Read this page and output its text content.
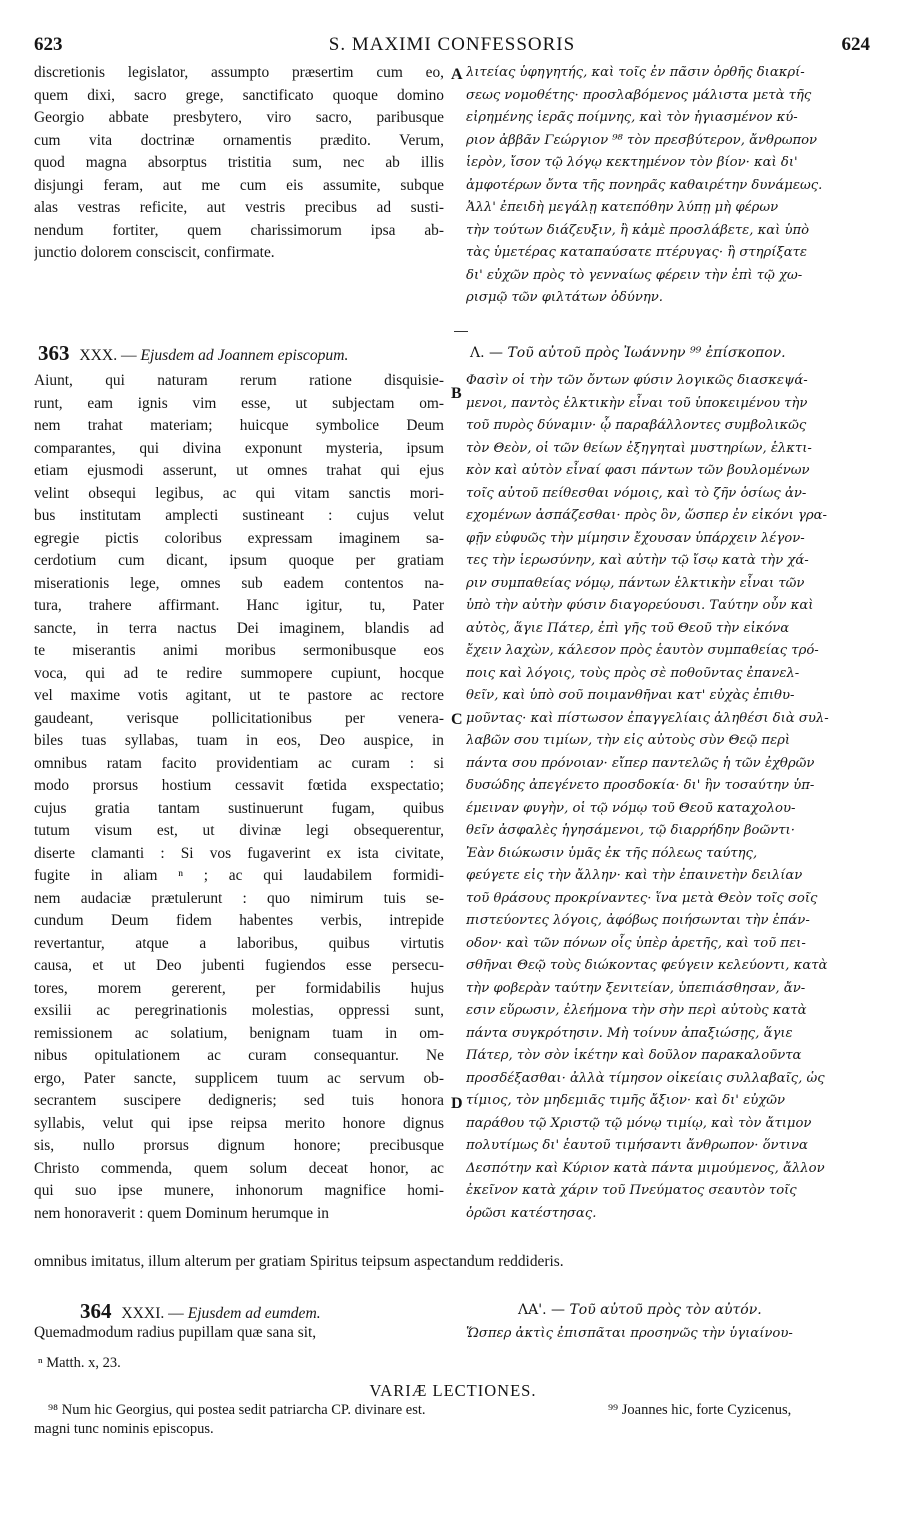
623	S. MAXIMI CONFESSORIS	624
discretionis legislator, assumpto præsertim cum eo,
quem dixi, sacro grege, sanctificato quoque domino
Georgio abbate presbytero, viro sacro, paribusque
cum vita doctrinæ ornamentis prædito. Verum,
quod magna absorptus tristitia sum, nec ab illis
disjungi feram, aut me cum eis assumite, subque
alas vestras reficite, aut vestris precibus ad susti-
nendum fortiter, quem charissimorum ipsa ab-
junctio dolorem consciscit, confirmate.
λιτείας ὑφηγητής, καὶ τοῖς ἐν πᾶσιν ὀρθῆς διακρί-
σεως νομοθέτης· προσλαβόμενος μάλιστα μετὰ τῆς
εἰρημένης ἱερᾶς ποίμνης, καὶ τὸν ἡγιασμένον κύ-
ριον ἀββᾶν Γεώργιον ⁹⁸ τὸν πρεσβύτερον, ἄνθρωπον
ἱερὸν, ἴσον τῷ λόγῳ κεκτημένον τὸν βίον· καὶ δι'
ἀμφοτέρων ὄντα τῆς πονηρᾶς καθαιρέτην δυνάμεως.
Ἀλλ' ἐπειδὴ μεγάλῃ κατεπόθην λύπῃ μὴ φέρων
τὴν τούτων διάζευξιν, ἢ κἀμὲ προσλάβετε, καὶ ὑπὸ
τὰς ὑμετέρας καταπαύσατε πτέρυγας· ἢ στηρίξατε
δι' εὐχῶν πρὸς τὸ γενναίως φέρειν τὴν ἐπὶ τῷ χω-
ρισμῷ τῶν φιλτάτων ὀδύνην.
A
B
C
D
363 XXX. — Ejusdem ad Joannem episcopum.	Λ. — Τοῦ αὐτοῦ πρὸς Ἰωάννην ⁹⁹ ἐπίσκοπον.
Aiunt, qui naturam rerum ratione disquisie-
runt, eam ignis vim esse, ut subjectam om-
nem trahat materiam; huicque symbolice Deum
comparantes, qui divina exponunt mysteria, ipsum
etiam ejusmodi asserunt, ut omnes trahat qui ejus
velint obsequi legibus, ac qui vitam sanctis mori-
bus institutam amplecti sustineant : cujus velut
egregie pictis coloribus expressam imaginem sa-
cerdotium cum dicant, ipsum quoque per gratiam
miserationis lege, omnes sub eadem contentos na-
tura, trahere affirmant. Hanc igitur, tu, Pater
sancte, in terra nactus Dei imaginem, blandis ad
te miserantis animi moribus sermonibusque eos
voca, qui ad te redire summopere cupiunt, hocque
vel maxime votis agitant, ut te pastore ac rectore
gaudeant, verisque pollicitationibus per venera-
biles tuas syllabas, tuam in eos, Deo auspice, in
omnibus ratam facito providentiam ac curam : si
modo prorsus hostium cessavit fœtida exspectatio;
cujus gratia tantam sustinuerunt fugam, quibus
tutum visum est, ut divinæ legi obsequerentur,
diserte clamanti : Si vos fugaverint ex ista civitate,
fugite in aliam ⁿ ; ac qui laudabilem formidi-
nem audaciæ prætulerunt : quo nimirum tuis se-
cundum Deum fidem habentes verbis, intrepide
revertantur, atque a laboribus, quibus virtutis
causa, et ut Deo jubenti fugiendos esse persecu-
tores, morem gererent, per formidabilis hujus
exsilii ac peregrinationis molestias, oppressi sunt,
remissionem ac solatium, benignam tuam in om-
nibus opitulationem ac curam consequantur. Ne
ergo, Pater sancte, supplicem tuum ac servum ob-
secrantem suscipere dedigneris; sed tuis honora
syllabis, velut qui ipse reipsa merito honore dignus
sis, nullo prorsus dignum honore; precibusque
Christo commenda, quem solum deceat honor, ac
qui suo ipse munere, inhonorum magnifice homi-
nem honoraverit : quem Dominum herumque in
Φασὶν οἱ τὴν τῶν ὄντων φύσιν λογικῶς διασκεψά-
μενοι, παντὸς ἑλκτικὴν εἶναι τοῦ ὑποκειμένου τὴν
τοῦ πυρὸς δύναμιν· ᾧ παραβάλλοντες συμβολικῶς
τὸν Θεὸν, οἱ τῶν θείων ἐξηγηταὶ μυστηρίων, ἑλκτι-
κὸν καὶ αὐτὸν εἶναί φασι πάντων τῶν βουλομένων
τοῖς αὐτοῦ πείθεσθαι νόμοις, καὶ τὸ ζῆν ὁσίως ἀν-
εχομένων ἀσπάζεσθαι· πρὸς ὃν, ὥσπερ ἐν εἰκόνι γρα-
φῇν εὐφυῶς τὴν μίμησιν ἔχουσαν ὑπάρχειν λέγον-
τες τὴν ἱερωσύνην, καὶ αὐτὴν τῷ ἴσῳ κατὰ τὴν χά-
ριν συμπαθείας νόμῳ, πάντων ἑλκτικὴν εἶναι τῶν
ὑπὸ τὴν αὐτὴν φύσιν διαγορεύουσι. Ταύτην οὖν καὶ
αὐτὸς, ἅγιε Πάτερ, ἐπὶ γῆς τοῦ Θεοῦ τὴν εἰκόνα
ἔχειν λαχὼν, κάλεσον πρὸς ἑαυτὸν συμπαθείας τρό-
ποις καὶ λόγοις, τοὺς πρὸς σὲ ποθοῦντας ἐπανελ-
θεῖν, καὶ ὑπὸ σοῦ ποιμανθῆναι κατ' εὐχὰς ἐπιθυ-
μοῦντας· καὶ πίστωσον ἐπαγγελίαις ἀληθέσι διὰ συλ-
λαβῶν σου τιμίων, τὴν εἰς αὐτοὺς σὺν Θεῷ περὶ
πάντα σου πρόνοιαν· εἴπερ παντελῶς ἡ τῶν ἐχθρῶν
δυσώδης ἀπεγένετο προσδοκία· δι' ἣν τοσαύτην ὑπ-
έμειναν φυγὴν, οἱ τῷ νόμῳ τοῦ Θεοῦ καταχολου-
θεῖν ἀσφαλὲς ἡγησάμενοι, τῷ διαρρήδην βοῶντι·
Ἐὰν διώκωσιν ὑμᾶς ἐκ τῆς πόλεως ταύτης,
φεύγετε εἰς τὴν ἄλλην· καὶ τὴν ἐπαινετὴν δειλίαν
τοῦ θράσους προκρίναντες· ἵνα μετὰ Θεὸν τοῖς σοῖς
πιστεύοντες λόγοις, ἀφόβως ποιήσωνται τὴν ἐπάν-
οδον· καὶ τῶν πόνων οἷς ὑπὲρ ἀρετῆς, καὶ τοῦ πει-
σθῆναι Θεῷ τοὺς διώκοντας φεύγειν κελεύοντι, κατὰ
τὴν φοβερὰν ταύτην ξενιτείαν, ὑπεπιάσθησαν, ἄν-
εσιν εὕρωσιν, ἐλεήμονα τὴν σὴν περὶ αὐτοὺς κατὰ
πάντα συγκρότησιν. Μὴ τοίνυν ἀπαξιώσῃς, ἅγιε
Πάτερ, τὸν σὸν ἱκέτην καὶ δοῦλον παρακαλοῦντα
προσδέξασθαι· ἀλλὰ τίμησον οἰκείαις συλλαβαῖς, ὡς
τίμιος, τὸν μηδεμιᾶς τιμῆς ἄξιον· καὶ δι' εὐχῶν
παράθου τῷ Χριστῷ τῷ μόνῳ τιμίῳ, καὶ τὸν ἄτιμον
πολυτίμως δι' ἑαυτοῦ τιμήσαντι ἄνθρωπον· ὅντινα
Δεσπότην καὶ Κύριον κατὰ πάντα μιμούμενος, ἄλλον
ἐκεῖνον κατὰ χάριν τοῦ Πνεύματος σεαυτὸν τοῖς
ὁρῶσι κατέστησας.
omnibus imitatus, illum alterum per gratiam Spiritus teipsum aspectandum reddideris.
364 XXXI. — Ejusdem ad eumdem.	ΛΑ'. — Τοῦ αὐτοῦ πρὸς τὸν αὐτόν.
Quemadmodum radius pupillam quæ sana sit,	Ὥσπερ ἀκτὶς ἐπισπᾶται προσηνῶς τὴν ὑγιαίνου-
ⁿ Matth. x, 23.
VARIÆ LECTIONES.
⁹⁸ Num hic Georgius, qui postea sedit patriarcha CP. divinare est.	⁹⁹ Joannes hic, forte Cyzicenus,
magni tunc nominis episcopus.
